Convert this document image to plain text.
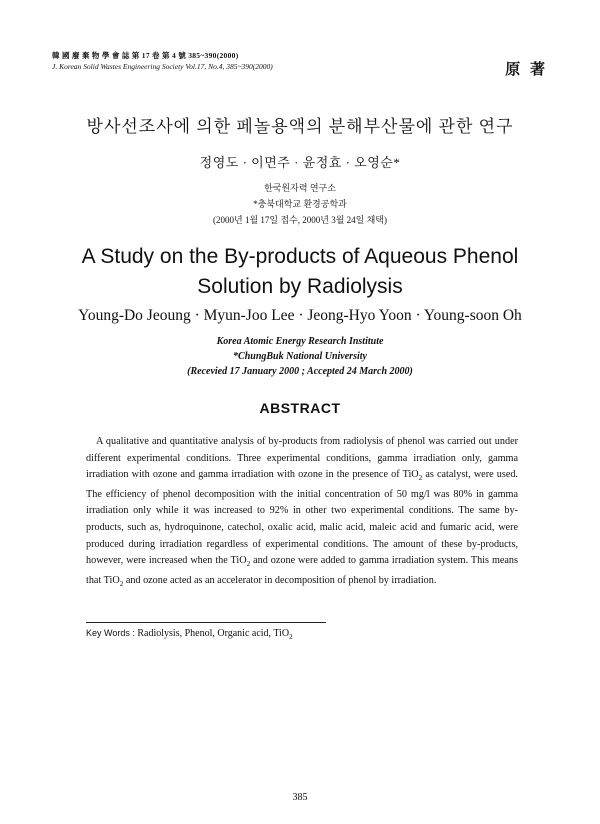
韓 國 廢 棄 物 學 會 誌 第 17 卷 第 4 號 385~390(2000)
J. Korean Solid Wastes Engineering Society Vol.17, No.4, 385~390(2000)	原 著
방사선조사에 의한 페놀용액의 분해부산물에 관한 연구
정영도 · 이면주 · 윤정효 · 오영순*
한국원자력 연구소
*충북대학교 환경공학과
(2000년 1월 17일 접수, 2000년 3월 24일 채택)
A Study on the By-products of Aqueous Phenol
Solution by Radiolysis
Young-Do Jeoung · Myun-Joo Lee · Jeong-Hyo Yoon · Young-soon Oh
Korea Atomic Energy Research Institute
*ChungBuk National University
(Recevied 17 January 2000 ; Accepted 24 March 2000)
ABSTRACT
A qualitative and quantitative analysis of by-products from radiolysis of phenol was carried out under different experimental conditions. Three experimental conditions, gamma irradiation only, gamma irradiation with ozone and gamma irradiation with ozone in the presence of TiO$_2$ as catalyst, were used. The efficiency of phenol decomposition with the initial concentration of 50 mg/l was 80% in gamma irradiation only while it was increased to 92% in other two experimental conditions. The same by-products, such as, hydroquinone, catechol, oxalic acid, malic acid, maleic acid and fumaric acid, were produced during irradiation regardless of experimental conditions. The amount of these by-products, however, were increased when the TiO$_2$ and ozone were added to gamma irradiation system. This means that TiO$_2$ and ozone acted as an accelerator in decomposition of phenol by irradiation.
Key Words : Radiolysis, Phenol, Organic acid, TiO$_2$
385
